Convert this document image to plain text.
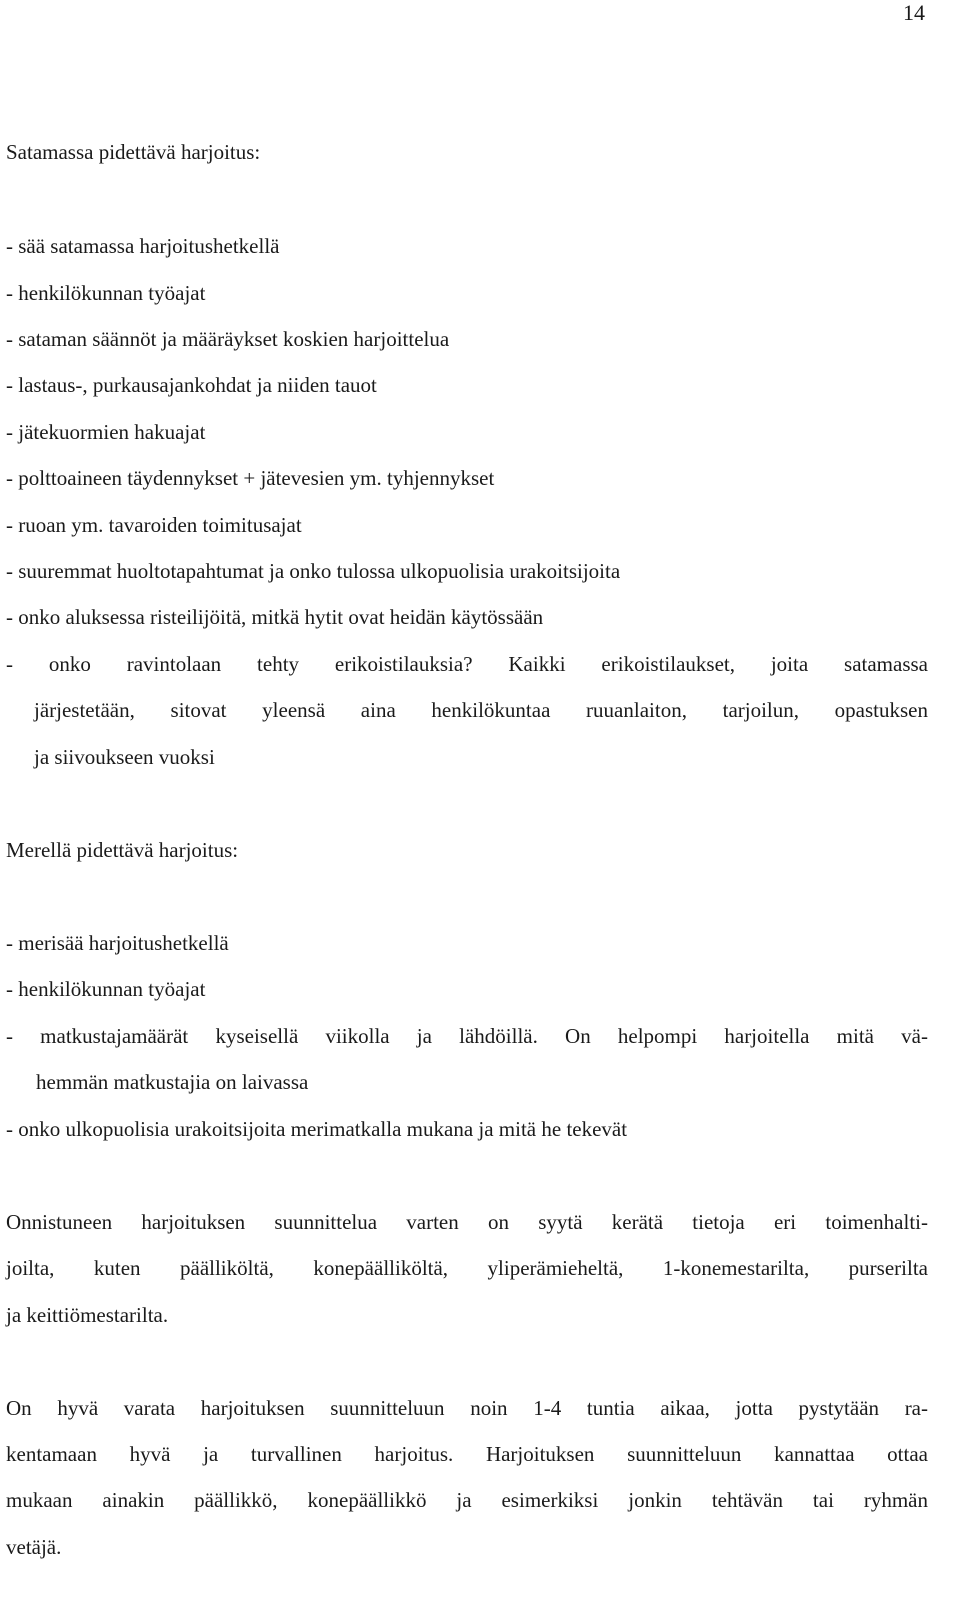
14
Satamassa pidettävä harjoitus:
- sää satamassa harjoitushetkellä
- henkilökunnan työajat
- sataman säännöt ja määräykset koskien harjoittelua
- lastaus-, purkausajankohdat ja niiden tauot
- jätekuormien hakuajat
- polttoaineen täydennykset + jätevesien ym. tyhjennykset
- ruoan ym. tavaroiden toimitusajat
- suuremmat huoltotapahtumat ja onko tulossa ulkopuolisia urakoitsijoita
- onko aluksessa risteilijöitä, mitkä hytit ovat heidän käytössään
- onko ravintolaan tehty erikoistilauksia? Kaikki erikoistilaukset, joita satamassa
järjestetään, sitovat yleensä aina henkilökuntaa ruuanlaiton, tarjoilun, opastuksen
ja siivoukseen vuoksi
Merellä pidettävä harjoitus:
- merisää harjoitushetkellä
- henkilökunnan työajat
- matkustajamäärät kyseisellä viikolla ja lähdöillä. On helpompi harjoitella mitä vä-
hemmän matkustajia on laivassa
- onko ulkopuolisia urakoitsijoita merimatkalla mukana ja mitä he tekevät
Onnistuneen harjoituksen suunnittelua varten on syytä kerätä tietoja eri toimenhalti-
joilta, kuten päälliköltä, konepäälliköltä, yliperämieheltä, 1-konemestarilta, purserilta
ja keittiömestarilta.
On hyvä varata harjoituksen suunnitteluun noin 1-4 tuntia aikaa, jotta pystytään ra-
kentamaan hyvä ja turvallinen harjoitus. Harjoituksen suunnitteluun kannattaa ottaa
mukaan ainakin päällikkö, konepäällikkö ja esimerkiksi jonkin tehtävän tai ryhmän
vetäjä.
